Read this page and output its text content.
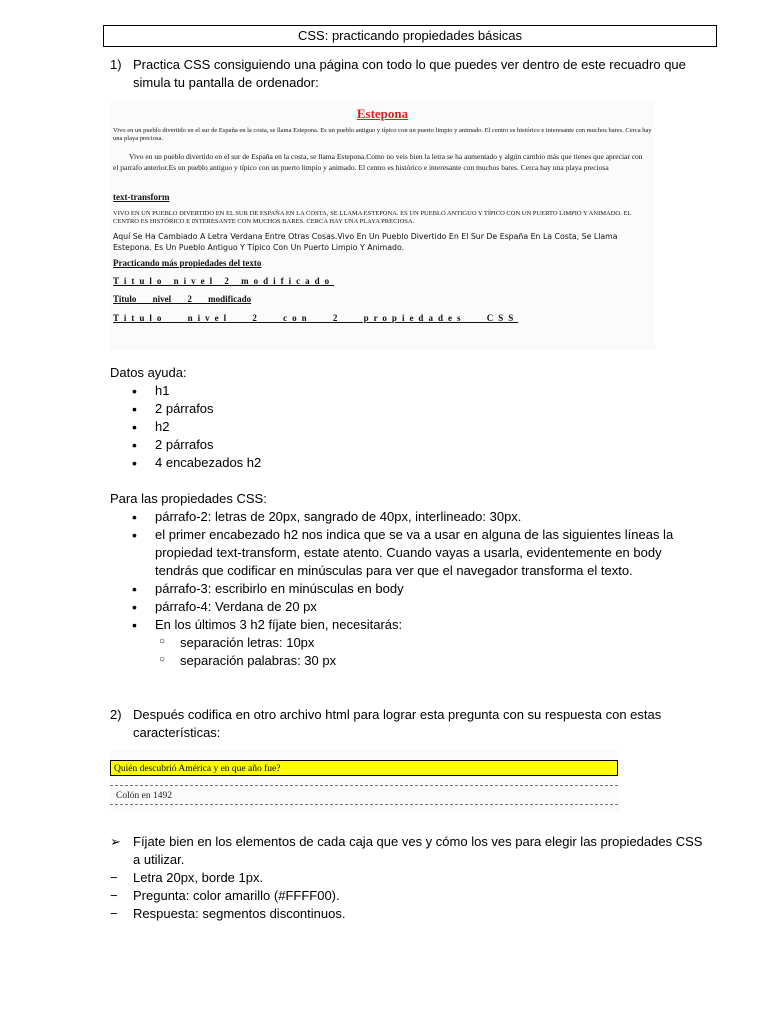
CSS: practicando propiedades básicas
1) Practica CSS consiguiendo una página con todo lo que puedes ver dentro de este recuadro que simula tu pantalla de ordenador:
Estepona
Vivo en un pueblo divertido en el sur de España en la costa, se llama Estepona. Es un pueblo antiguo y típico con un puerto limpio y animado. El centro es histórico e interesante con muchos bares. Cerca hay una playa preciosa.
Vivo en un pueblo divertido en el sur de España en la costa, se llama Estepona.Como no veis bien la letra se ha aumentado y algún cambio más que tienes que apreciar con el parrafo anterior.Es un pueblo antiguo y típico con un puerto limpio y animado. El centro es histórico e interesante con muchos bares. Cerca hay una playa preciosa
text-transform
VIVO EN UN PUEBLO DIVERTIDO EN EL SUR DE ESPAÑA EN LA COSTA, SE LLAMA ESTEPONA. ES UN PUEBLO ANTIGUO Y TÍPICO CON UN PUERTO LIMPIO Y ANIMADO. EL CENTRO ES HISTÓRICO E INTERESANTE CON MUCHOS BARES. CERCA HAY UNA PLAYA PRECIOSA.
Aquí Se Ha Cambiado A Letra Verdana Entre Otras Cosas.Vivo En Un Pueblo Divertido En El Sur De España En La Costa, Se Llama Estepona. Es Un Pueblo Antiguo Y Típico Con Un Puerto Limpio Y Animado.
Practicando más propiedades del texto
Titulo nivel 2 modificado
Titulo nivel 2 modificado
Titulo nivel 2 con 2 propiedades CSS
Datos ayuda:
• h1
• 2 párrafos
• h2
• 2 párrafos
• 4 encabezados h2
Para las propiedades CSS:
• párrafo-2: letras de 20px, sangrado de 40px, interlineado: 30px.
• el primer encabezado h2 nos indica que se va a usar en alguna de las siguientes líneas la propiedad text-transform, estate atento. Cuando vayas a usarla, evidentemente en body tendrás que codificar en minúsculas para ver que el navegador transforma el texto.
• párrafo-3: escribirlo en minúsculas en body
• párrafo-4: Verdana de 20 px
• En los últimos 3 h2 fíjate bien, necesitarás:
○ separación letras: 10px
○ separación palabras: 30 px
2) Después codifica en otro archivo html para lograr esta pregunta con su respuesta con estas características:
Quién descubrió América y en que año fue?
Colón en 1492
➢ Fíjate bien en los elementos de cada caja que ves y cómo los ves para elegir las propiedades CSS a utilizar.
− Letra 20px, borde 1px.
− Pregunta: color amarillo (#FFFF00).
− Respuesta: segmentos discontinuos.
